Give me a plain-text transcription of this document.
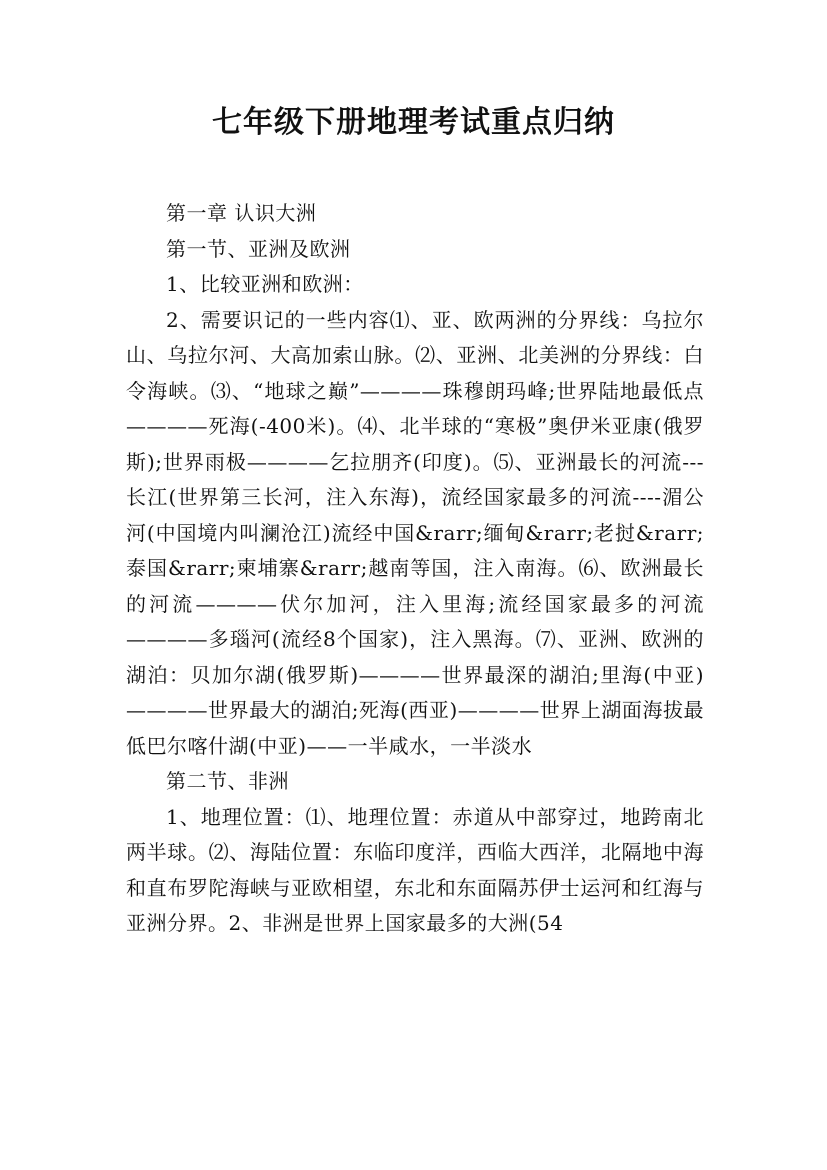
七年级下册地理考试重点归纳

第一章 认识大洲

第一节、亚洲及欧洲

1、比较亚洲和欧洲：

2、需要识记的一些内容⑴、亚、欧两洲的分界线：乌拉尔山、乌拉尔河、大高加索山脉。⑵、亚洲、北美洲的分界线：白令海峡。⑶、“地球之巅”————珠穆朗玛峰;世界陆地最低点————死海(-400米)。⑷、北半球的“寒极”奥伊米亚康(俄罗斯);世界雨极————乞拉朋齐(印度)。⑸、亚洲最长的河流---长江(世界第三长河，注入东海)，流经国家最多的河流----湄公河(中国境内叫澜沧江)流经中国&rarr;缅甸&rarr;老挝&rarr;泰国&rarr;柬埔寨&rarr;越南等国，注入南海。⑹、欧洲最长的河流————伏尔加河，注入里海;流经国家最多的河流————多瑙河(流经8个国家)，注入黑海。⑺、亚洲、欧洲的湖泊：贝加尔湖(俄罗斯)————世界最深的湖泊;里海(中亚)————世界最大的湖泊;死海(西亚)————世界上湖面海拔最低巴尔喀什湖(中亚)——一半咸水，一半淡水

第二节、非洲

1、地理位置：⑴、地理位置：赤道从中部穿过，地跨南北两半球。⑵、海陆位置：东临印度洋，西临大西洋，北隔地中海和直布罗陀海峡与亚欧相望，东北和东面隔苏伊士运河和红海与亚洲分界。2、非洲是世界上国家最多的大洲(54
